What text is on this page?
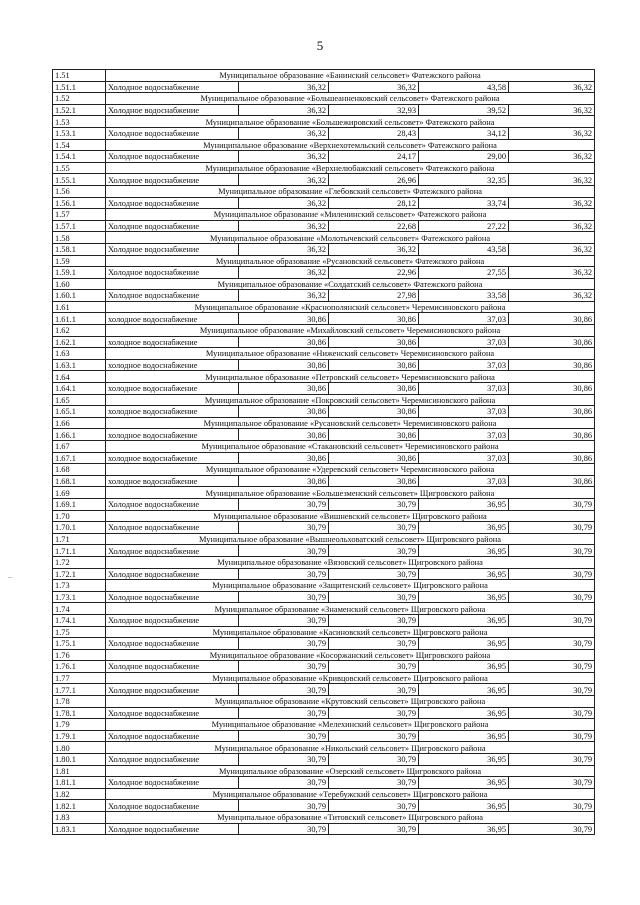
5
..
1.51	Муниципальное образование «Банинский сельсовет» Фатежского района				
1.51.1	Холодное водоснабжение	36,32	36,32	43,58	36,32
1.52	Муниципальное образование «Большеанненковский сельсовет» Фатежского района				
1.52.1	Холодное водоснабжение	36,32	32,93	39,52	36,32
1.53	Муниципальное образование «Большежировский сельсовет» Фатежского района				
1.53.1	Холодное водоснабжение	36,32	28,43	34,12	36,32
1.54	Муниципальное образование «Верхнехотемльский сельсовет» Фатежского района				
1.54.1	Холодное водоснабжение	36,32	24,17	29,00	36,32
1.55	Муниципальное образование «Верхнелюбажский сельсовет» Фатежского района				
1.55.1	Холодное водоснабжение	36,32	26,96	32,35	36,32
1.56	Муниципальное образование «Глебовский сельсовет» Фатежского района				
1.56.1	Холодное водоснабжение	36,32	28,12	33,74	36,32
1.57	Муниципальное образование «Миленинский сельсовет» Фатежского района				
1.57.1	Холодное водоснабжение	36,32	22,68	27,22	36,32
1.58	Муниципальное образование «Молотычевский сельсовет» Фатежского района				
1.58.1	Холодное водоснабжение	36,32	36,32	43,58	36,32
1.59	Муниципальное образование «Русановский сельсовет» Фатежского района				
1.59.1	Холодное водоснабжение	36,32	22,96	27,55	36,32
1.60	Муниципальное образование «Солдатский сельсовет» Фатежского района				
1.60.1	Холодное водоснабжение	36,32	27,98	33,58	36,32
1.61	Муниципальное образование «Краснополянский сельсовет» Черемисиновского района				
1.61.1	холодное водоснабжение	30,86	30,86	37,03	30,86
1.62	Муниципальное образование «Михайловский сельсовет» Черемисиновского района				
1.62.1	холодное водоснабжение	30,86	30,86	37,03	30,86
1.63	Муниципальное образование «Ниженский сельсовет» Черемисиновского района				
1.63.1	холодное водоснабжение	30,86	30,86	37,03	30,86
1.64	Муниципальное образование «Петровский сельсовет» Черемисиновского района				
1.64.1	холодное водоснабжение	30,86	30,86	37,03	30,86
1.65	Муниципальное образование «Покровский сельсовет» Черемисиновского района				
1.65.1	холодное водоснабжение	30,86	30,86	37,03	30,86
1.66	Муниципальное образование «Русановский сельсовет» Черемисиновского района				
1.66.1	холодное водоснабжение	30,86	30,86	37,03	30,86
1.67	Муниципальное образование «Стакановский сельсовет» Черемисиновского района				
1.67.1	холодное водоснабжение	30,86	30,86	37,03	30,86
1.68	Муниципальное образование «Удеревский сельсовет» Черемисиновского района				
1.68.1	холодное водоснабжение	30,86	30,86	37,03	30,86
1.69	Муниципальное образование «Большезменский сельсовет» Щигровского района				
1.69.1	Холодное водоснабжение	30,79	30,79	36,95	30,79
1.70	Муниципальное образование «Вишневский сельсовет» Щигровского района				
1.70.1	Холодное водоснабжение	30,79	30,79	36,95	30,79
1.71	Муниципальное образование «Вышнеольховатский сельсовет» Щигровского района				
1.71.1	Холодное водоснабжение	30,79	30,79	36,95	30,79
1.72	Муниципальное образование «Вязовский сельсовет» Щигровского района				
1.72.1	Холодное водоснабжение	30,79	30,79	36,95	30,79
1.73	Муниципальное образование «Защитенский сельсовет» Щигровского района				
1.73.1	Холодное водоснабжение	30,79	30,79	36,95	30,79
1.74	Муниципальное образование «Знаменский сельсовет» Щигровского района				
1.74.1	Холодное водоснабжение	30,79	30,79	36,95	30,79
1.75	Муниципальное образование «Касиновский сельсовет» Щигровского района				
1.75.1	Холодное водоснабжение	30,79	30,79	36,95	30,79
1.76	Муниципальное образование «Косоржанский сельсовет» Щигровского района				
1.76.1	Холодное водоснабжение	30,79	30,79	36,95	30,79
1.77	Муниципальное образование «Кривцовский сельсовет» Щигровского района				
1.77.1	Холодное водоснабжение	30,79	30,79	36,95	30,79
1.78	Муниципальное образование «Крутовский сельсовет» Щигровского района				
1.78.1	Холодное водоснабжение	30,79	30,79	36,95	30,79
1.79	Муниципальное образование «Мелехинский сельсовет» Щигровского района				
1.79.1	Холодное водоснабжение	30,79	30,79	36,95	30,79
1.80	Муниципальное образование «Никольский сельсовет» Щигровского района				
1.80.1	Холодное водоснабжение	30,79	30,79	36,95	30,79
1.81	Муниципальное образование «Озерский сельсовет» Щигровского района				
1.81.1	Холодное водоснабжение	30,79	30,79	36,95	30,79
1.82	Муниципальное образование «Теребужский сельсовет» Щигровского района				
1.82.1	Холодное водоснабжение	30,79	30,79	36,95	30,79
1.83	Муниципальное образование «Титовский сельсовет» Щигровского района				
1.83.1	Холодное водоснабжение	30,79	30,79	36,95	30,79
